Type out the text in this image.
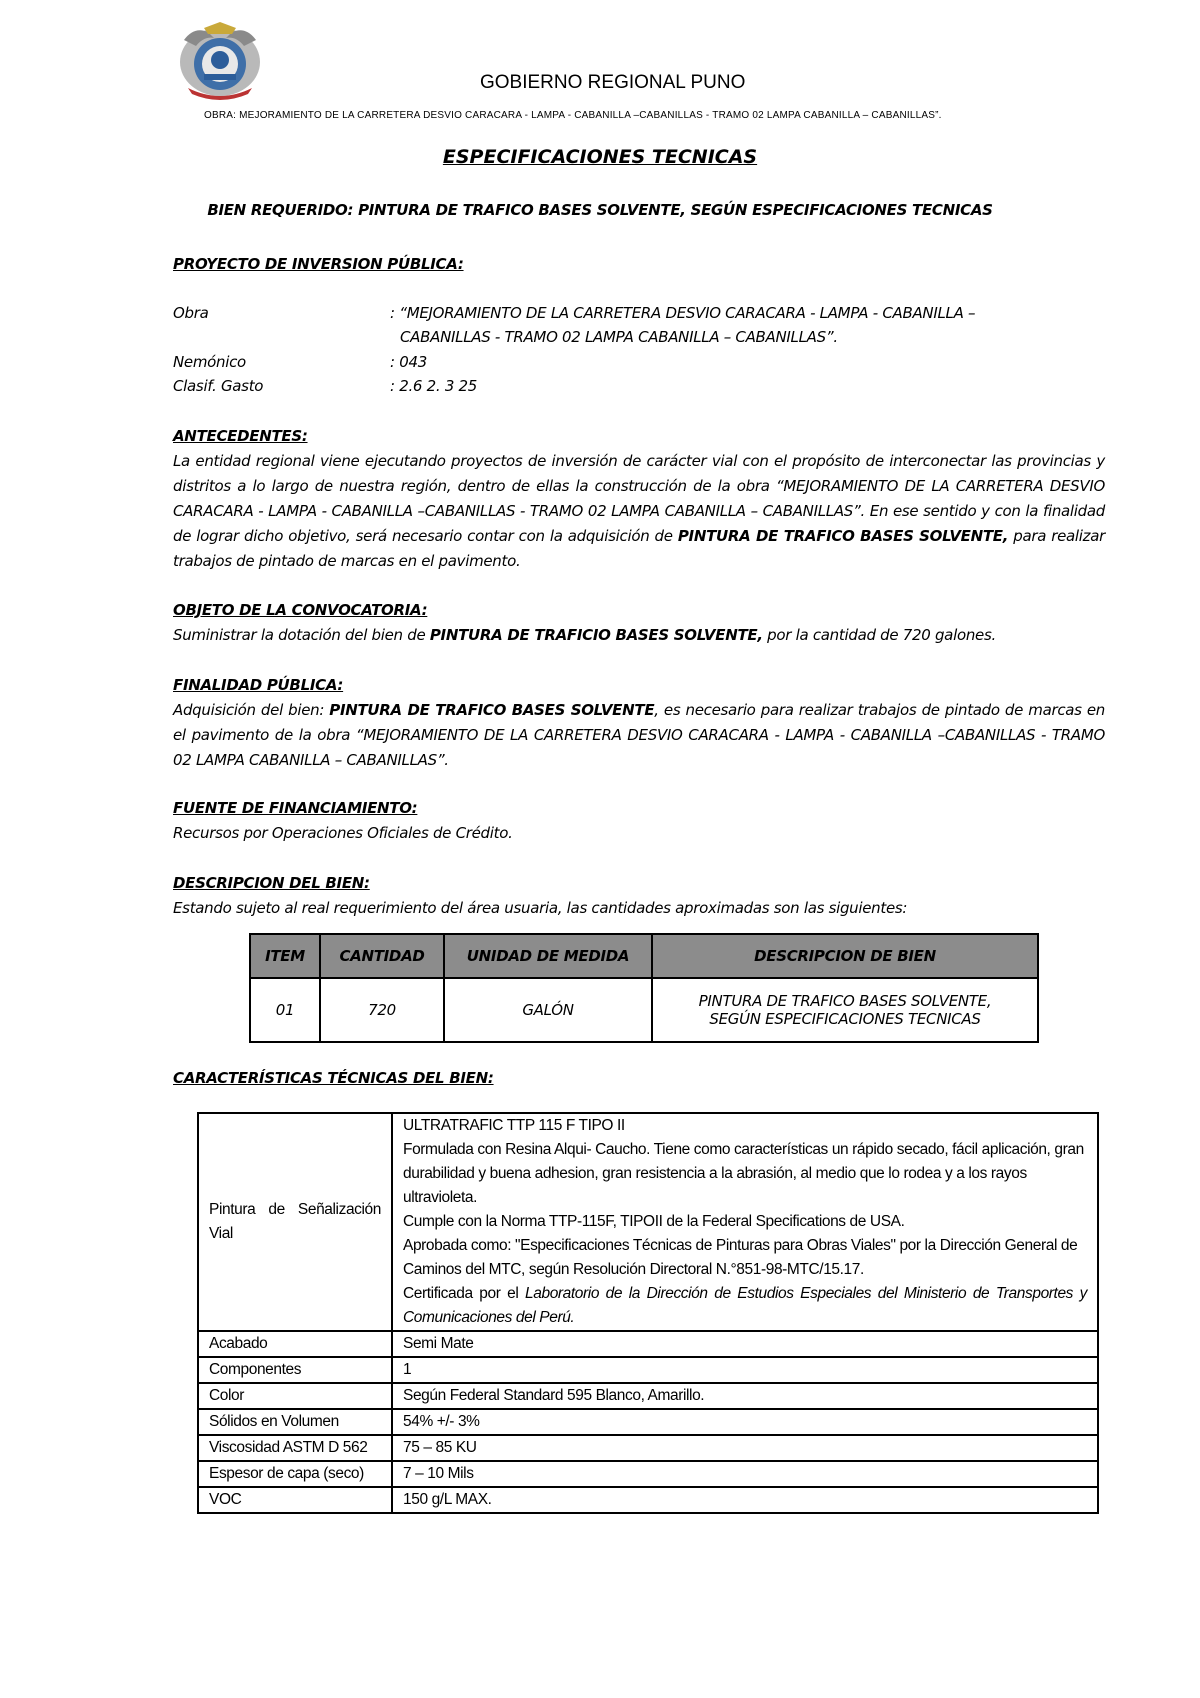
GOBIERNO REGIONAL PUNO
OBRA: MEJORAMIENTO DE LA CARRETERA DESVIO CARACARA - LAMPA - CABANILLA –CABANILLAS - TRAMO 02 LAMPA CABANILLA – CABANILLAS”.
ESPECIFICACIONES TECNICAS
BIEN REQUERIDO: PINTURA DE TRAFICO BASES SOLVENTE, SEGÚN ESPECIFICACIONES TECNICAS
PROYECTO DE INVERSION PÚBLICA:
Obra	: “MEJORAMIENTO DE LA CARRETERA DESVIO CARACARA - LAMPA - CABANILLA –
CABANILLAS - TRAMO 02 LAMPA CABANILLA – CABANILLAS”.
Nemónico	: 043
Clasif. Gasto	: 2.6 2. 3 25
ANTECEDENTES:
La entidad regional viene ejecutando proyectos de inversión de carácter vial con el propósito de interconectar las provincias y distritos a lo largo de nuestra región, dentro de ellas la construcción de la obra “MEJORAMIENTO DE LA CARRETERA DESVIO CARACARA - LAMPA - CABANILLA –CABANILLAS - TRAMO 02 LAMPA CABANILLA – CABANILLAS”. En ese sentido y con la finalidad de lograr dicho objetivo, será necesario contar con la adquisición de PINTURA DE TRAFICO BASES SOLVENTE, para realizar trabajos de pintado de marcas en el pavimento.
OBJETO DE LA CONVOCATORIA:
Suministrar la dotación del bien de PINTURA DE TRAFICIO BASES SOLVENTE, por la cantidad de 720 galones.
FINALIDAD PÚBLICA:
Adquisición del bien: PINTURA DE TRAFICO BASES SOLVENTE, es necesario para realizar trabajos de pintado de marcas en el pavimento de la obra “MEJORAMIENTO DE LA CARRETERA DESVIO CARACARA - LAMPA - CABANILLA –CABANILLAS - TRAMO 02 LAMPA CABANILLA – CABANILLAS”.
FUENTE DE FINANCIAMIENTO:
Recursos por Operaciones Oficiales de Crédito.
DESCRIPCION DEL BIEN:
Estando sujeto al real requerimiento del área usuaria, las cantidades aproximadas son las siguientes:
ITEM	CANTIDAD	UNIDAD DE MEDIDA	DESCRIPCION DE BIEN
01	720	GALÓN	PINTURA DE TRAFICO BASES SOLVENTE,
SEGÚN ESPECIFICACIONES TECNICAS
CARACTERÍSTICAS TÉCNICAS DEL BIEN:
Pintura de Señalización Vial	ULTRATRAFIC TTP 115 F TIPO II
Formulada con Resina Alqui- Caucho. Tiene como características un rápido secado, fácil aplicación, gran durabilidad y buena adhesion, gran resistencia a la abrasión, al medio que lo rodea y a los rayos ultravioleta.
Cumple con la Norma TTP-115F, TIPOII de la Federal Specifications de USA.
Aprobada como: "Especificaciones Técnicas de Pinturas para Obras Viales" por la Dirección General de Caminos del MTC, según Resolución Directoral N.°851-98-MTC/15.17.
Certificada por el Laboratorio de la Dirección de Estudios Especiales del Ministerio de Transportes y Comunicaciones del Perú.

Acabado	Semi Mate
Componentes	1
Color	Según Federal Standard 595 Blanco, Amarillo.
Sólidos en Volumen	54% +/- 3%
Viscosidad ASTM D 562	75 – 85 KU
Espesor de capa (seco)	7 – 10 Mils
VOC	150 g/L MAX.
